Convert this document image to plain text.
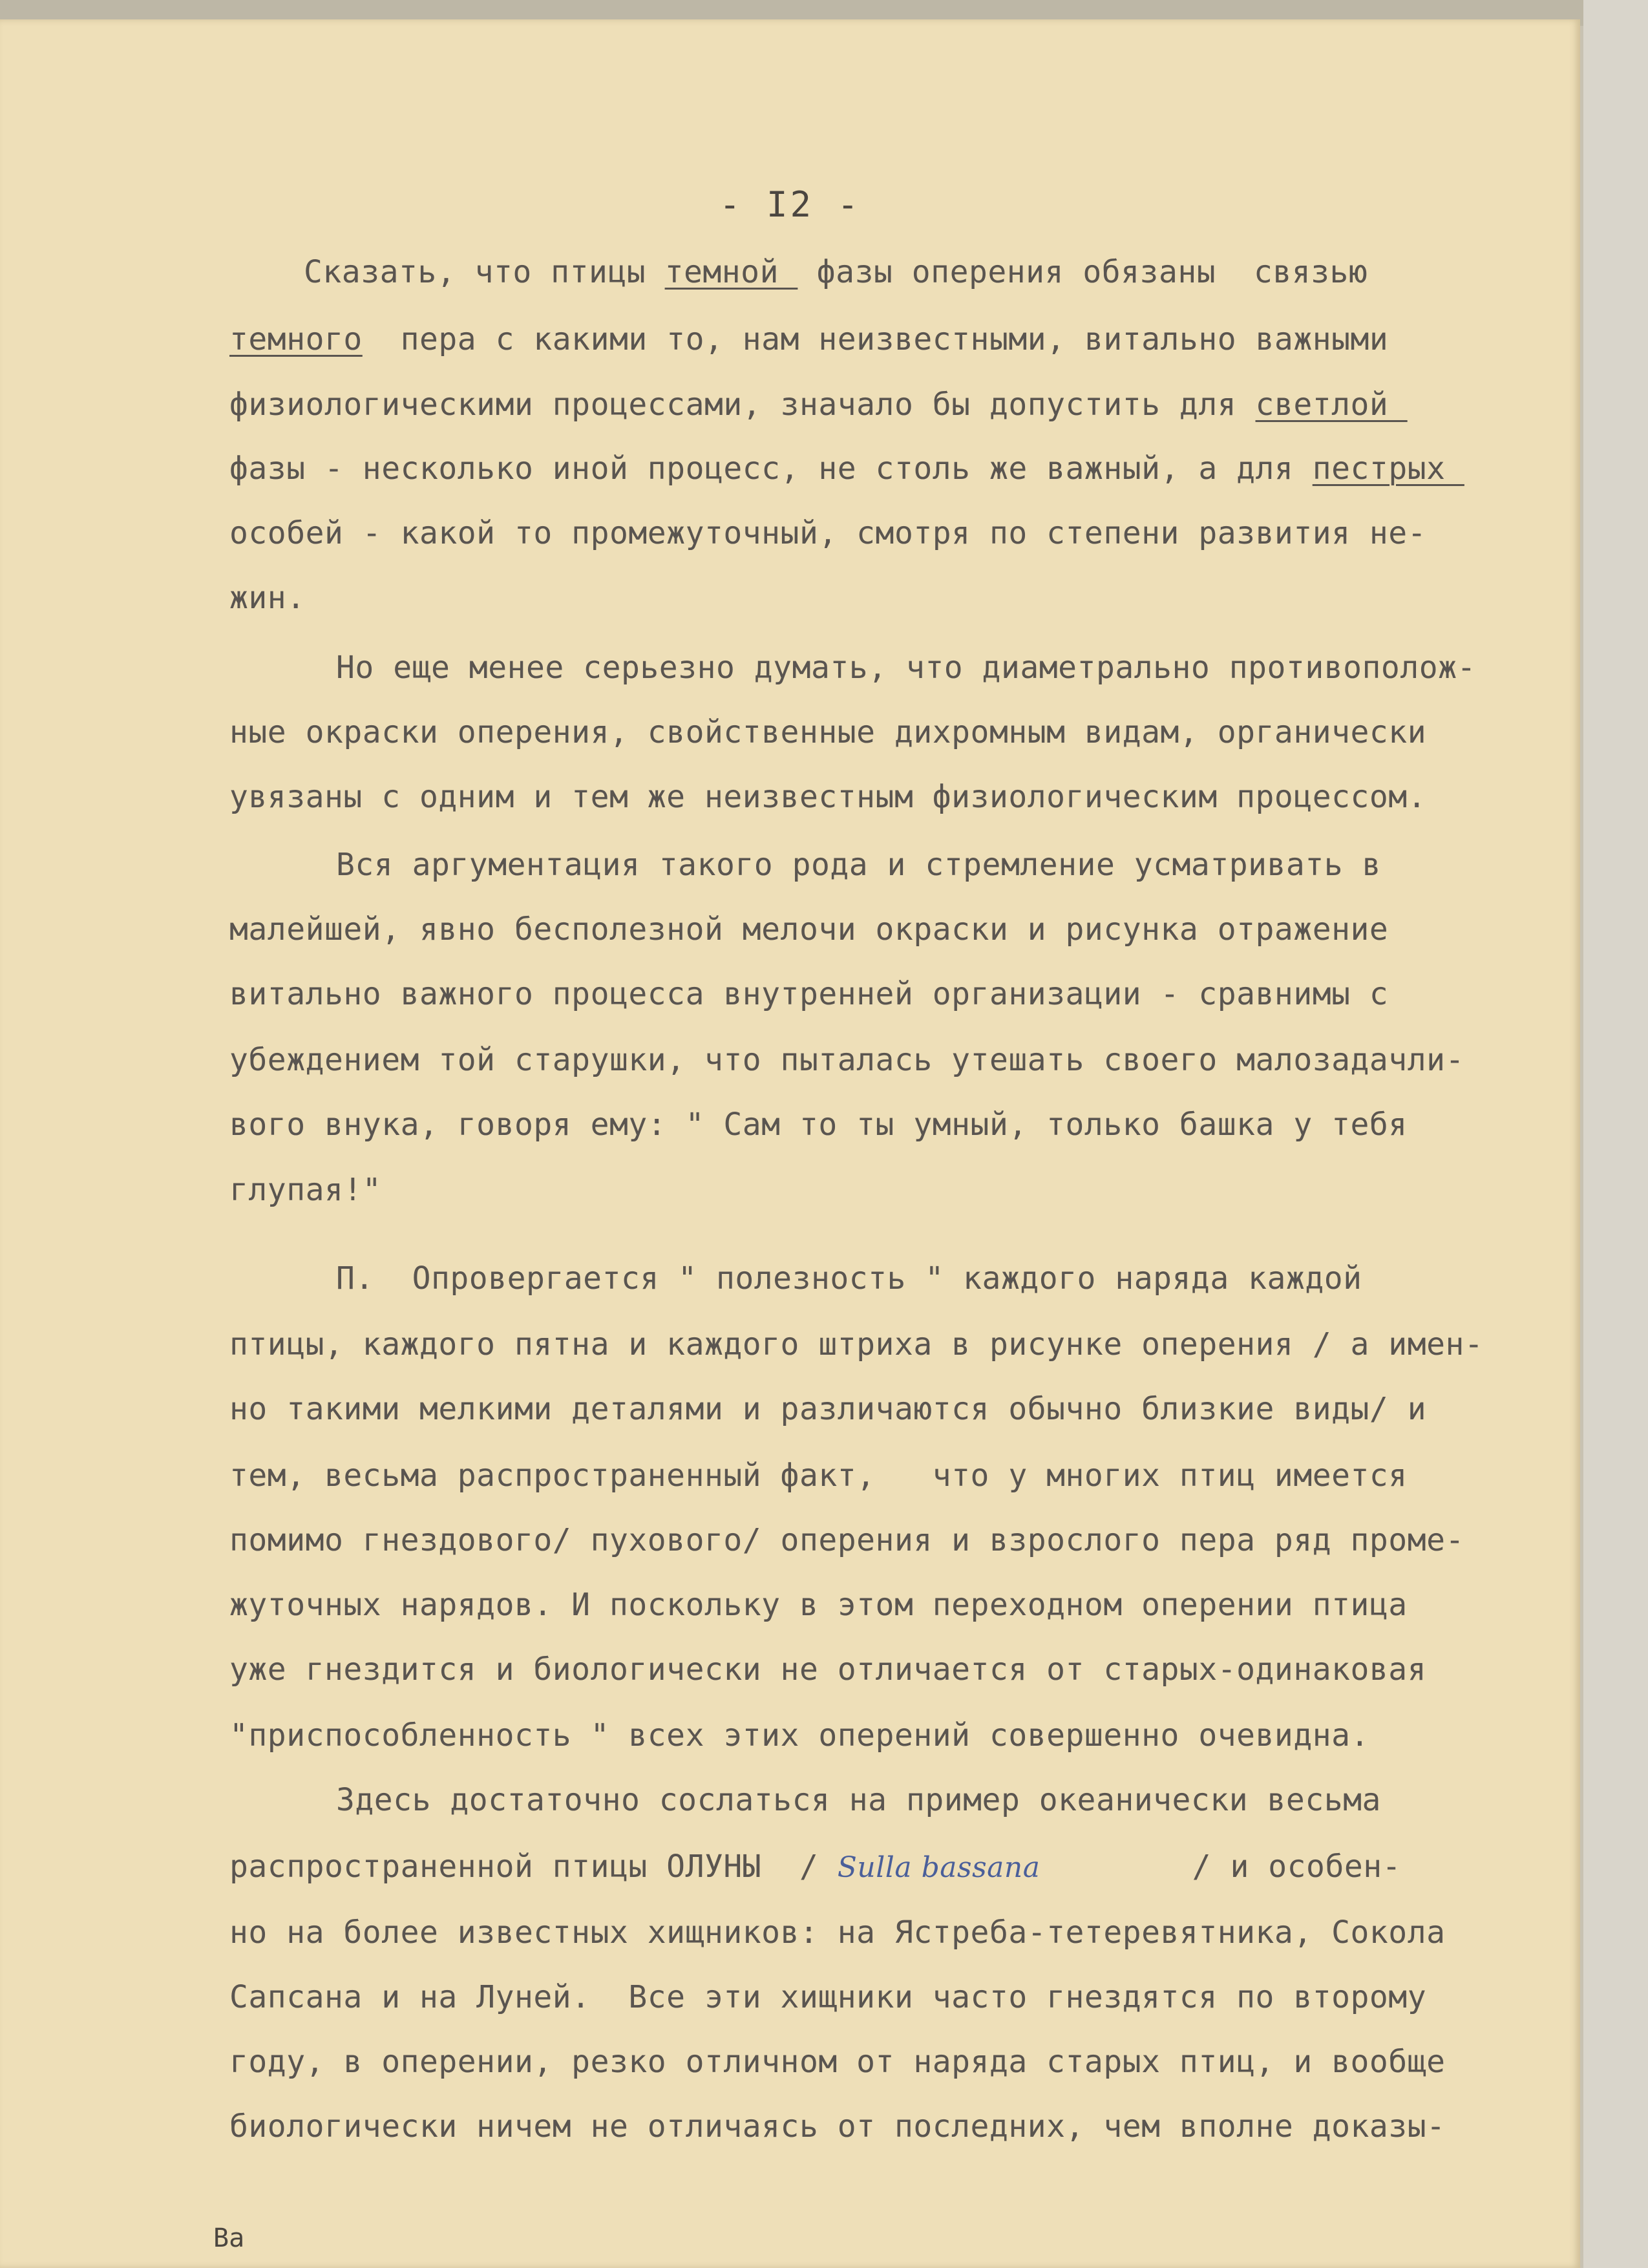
- I2 -
Сказать, что птицы темной  фазы оперения обязаны  связью
темного  пера с какими то, нам неизвестными, витально важными
физиологическими процессами, значало бы допустить для светлой
фазы - несколько иной процесс, не столь же важный, а для пестрых
особей - какой то промежуточный, смотря по степени развития не-
жин.
Но еще менее серьезно думать, что диаметрально противополож-
ные окраски оперения, свойственные дихромным видам, органически
увязаны с одним и тем же неизвестным физиологическим процессом.
Вся аргументация такого рода и стремление усматривать в
малейшей, явно бесполезной мелочи окраски и рисунка отражение
витально важного процесса внутренней организации - сравнимы с
убеждением той старушки, что пыталась утешать своего малозадачли-
вого внука, говоря ему: " Сам то ты умный, только башка у тебя
глупая!"
П.  Опровергается " полезность " каждого наряда каждой
птицы, каждого пятна и каждого штриха в рисунке оперения / а имен-
но такими мелкими деталями и различаются обычно близкие виды/ и
тем, весьма распространенный факт,   что у многих птиц имеется
помимо гнездового/ пухового/ оперения и взрослого пера ряд проме-
жуточных нарядов. И поскольку в этом переходном оперении птица
уже гнездится и биологически не отличается от старых-одинаковая
"приспособленность " всех этих оперений совершенно очевидна.
Здесь достаточно сослаться на пример океанически весьма
распространенной птицы ОЛУНЫ  / Sulla bassana        / и особен-
но на более известных хищников: на Ястреба-тетеревятника, Сокола
Сапсана и на Луней.  Все эти хищники часто гнездятся по второму
году, в оперении, резко отличном от наряда старых птиц, и вообще
биологически ничем не отличаясь от последних, чем вполне доказы-
Ва
